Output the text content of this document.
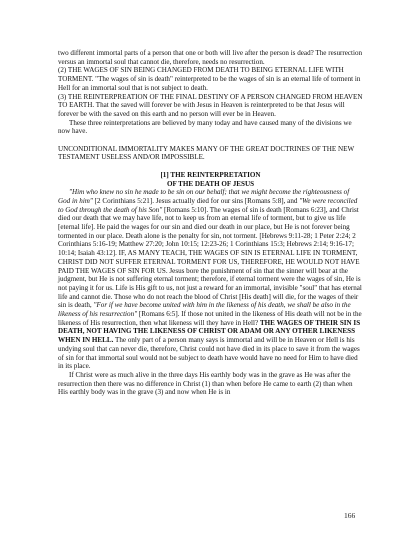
two different immortal parts of a person that one or both will live after the person is dead? The resurrection versus an immortal soul that cannot die, therefore, needs no resurrection.

(2) THE WAGES OF SIN BEING CHANGED FROM DEATH TO BEING ETERNAL LIFE WITH TORMENT. "The wages of sin is death" reinterpreted to be the wages of sin is an eternal life of torment in Hell for an immortal soul that is not subject to death.

(3) THE REINTERPREATION OF THE FINAL DESTINY OF A PERSON CHANGED FROM HEAVEN TO EARTH. That the saved will forever be with Jesus in Heaven is reinterpreted to be that Jesus will forever be with the saved on this earth and no person will ever be in Heaven.

These three reinterpretations are believed by many today and have caused many of the divisions we now have.

UNCONDITIONAL IMMORTALITY MAKES MANY OF THE GREAT DOCTRINES OF THE NEW TESTAMENT USELESS AND/OR IMPOSSIBLE.

[1] THE REINTERPRETATION

OF THE DEATH OF JESUS

"Him who knew no sin he made to be sin on our behalf; that we might become the righteousness of God in him" [2 Corinthians 5:21]. Jesus actually died for our sins [Romans 5:8], and "We were reconciled to God through the death of his Son" [Romans 5:10]. The wages of sin is death [Romans 6:23], and Christ died our death that we may have life, not to keep us from an eternal life of torment, but to give us life [eternal life]. He paid the wages for our sin and died our death in our place, but He is not forever being tormented in our place. Death alone is the penalty for sin, not torment. [Hebrews 9:11-28; 1 Peter 2:24; 2 Corinthians 5:16-19; Matthew 27:20; John 10:15; 12:23-26; 1 Corinthians 15:3; Hebrews 2:14; 9:16-17; 10:14; Isaiah 43:12]. IF, AS MANY TEACH, THE WAGES OF SIN IS ETERNAL LIFE IN TORMENT, CHRIST DID NOT SUFFER ETERNAL TORMENT FOR US, THEREFORE, HE WOULD NOT HAVE PAID THE WAGES OF SIN FOR US. Jesus bore the punishment of sin that the sinner will bear at the judgment, but He is not suffering eternal torment; therefore, if eternal torment were the wages of sin, He is not paying it for us. Life is His gift to us, not just a reward for an immortal, invisible "soul" that has eternal life and cannot die. Those who do not reach the blood of Christ [His death] will die, for the wages of their sin is death, "For if we have become united with him in the likeness of his death, we shall be also in the likeness of his resurrection" [Romans 6:5]. If those not united in the likeness of His death will not be in the likeness of His resurrection, then what likeness will they have in Hell? THE WAGES OF THEIR SIN IS DEATH, NOT HAVING THE LIKENESS OF CHRIST OR ADAM OR ANY OTHER LIKENESS WHEN IN HELL. The only part of a person many says is immortal and will be in Heaven or Hell is his undying soul that can never die, therefore, Christ could not have died in its place to save it from the wages of sin for that immortal soul would not be subject to death have would have no need for Him to have died in its place.

If Christ were as much alive in the three days His earthly body was in the grave as He was after the resurrection then there was no difference in Christ (1) than when before He came to earth (2) than when His earthly body was in the grave (3) and now when He is in

166
